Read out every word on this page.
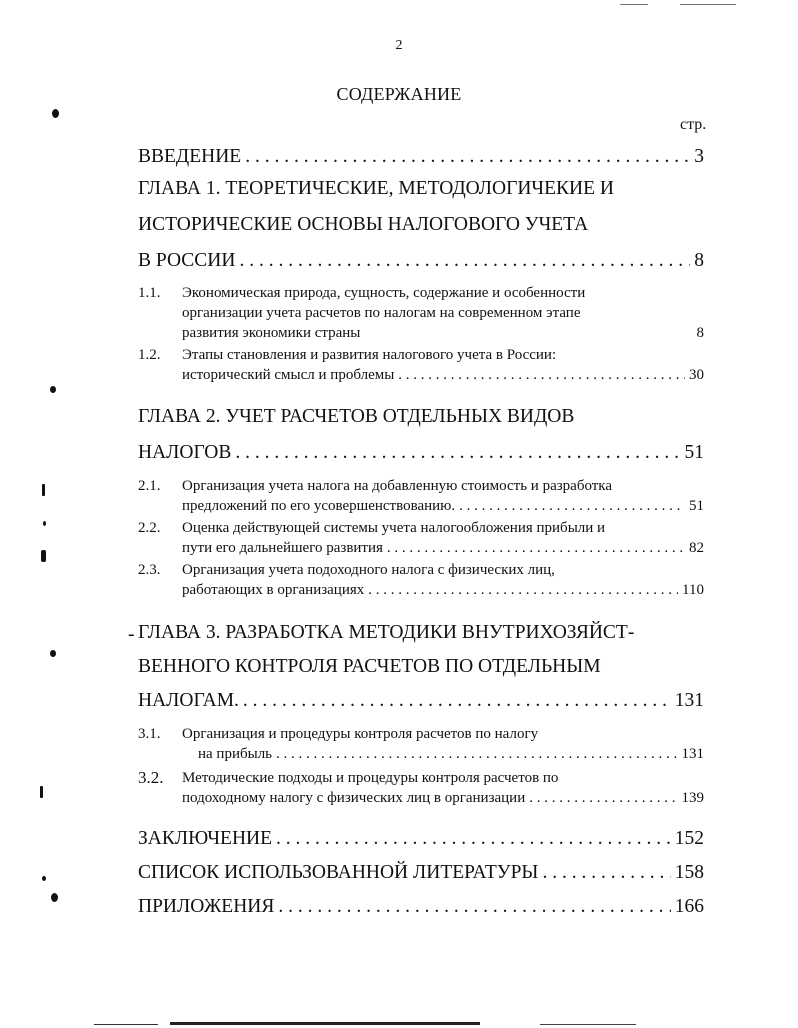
2
СОДЕРЖАНИЕ
стр.
ВВЕДЕНИЕ . . .	3
ГЛАВА 1. ТЕОРЕТИЧЕСКИЕ, МЕТОДОЛОГИЧЕКИЕ И
ИСТОРИЧЕСКИЕ ОСНОВЫ НАЛОГОВОГО УЧЕТА
В РОССИИ . . .	8
1.1. Экономическая природа, сущность, содержание и особенности
организации учета расчетов по налогам на современном этапе
развития экономики страны	8
1.2. Этапы становления и развития налогового учета в России:
исторический смысл и проблемы . . .	30
ГЛАВА 2. УЧЕТ РАСЧЕТОВ ОТДЕЛЬНЫХ ВИДОВ
НАЛОГОВ . . .	51
2.1. Организация учета налога на добавленную стоимость и разработка
предложений по его усовершенствованию. . . .	51
2.2. Оценка действующей системы учета налогообложения прибыли и
пути его дальнейшего развития . . .	82
2.3. Организация учета подоходного налога с физических лиц,
работающих в организациях . . .	110
- ГЛАВА 3. РАЗРАБОТКА МЕТОДИКИ ВНУТРИХОЗЯЙСТ-
ВЕННОГО КОНТРОЛЯ РАСЧЕТОВ ПО ОТДЕЛЬНЫМ
НАЛОГАМ. . . .	131
3.1. Организация и процедуры контроля расчетов по налогу
на прибыль . . .	131
3.2. Методические подходы и процедуры контроля расчетов по
подоходному налогу с физических лиц в организации . . .	139
ЗАКЛЮЧЕНИЕ . . .	152
СПИСОК ИСПОЛЬЗОВАННОЙ ЛИТЕРАТУРЫ . . .	158
ПРИЛОЖЕНИЯ . . .	166
